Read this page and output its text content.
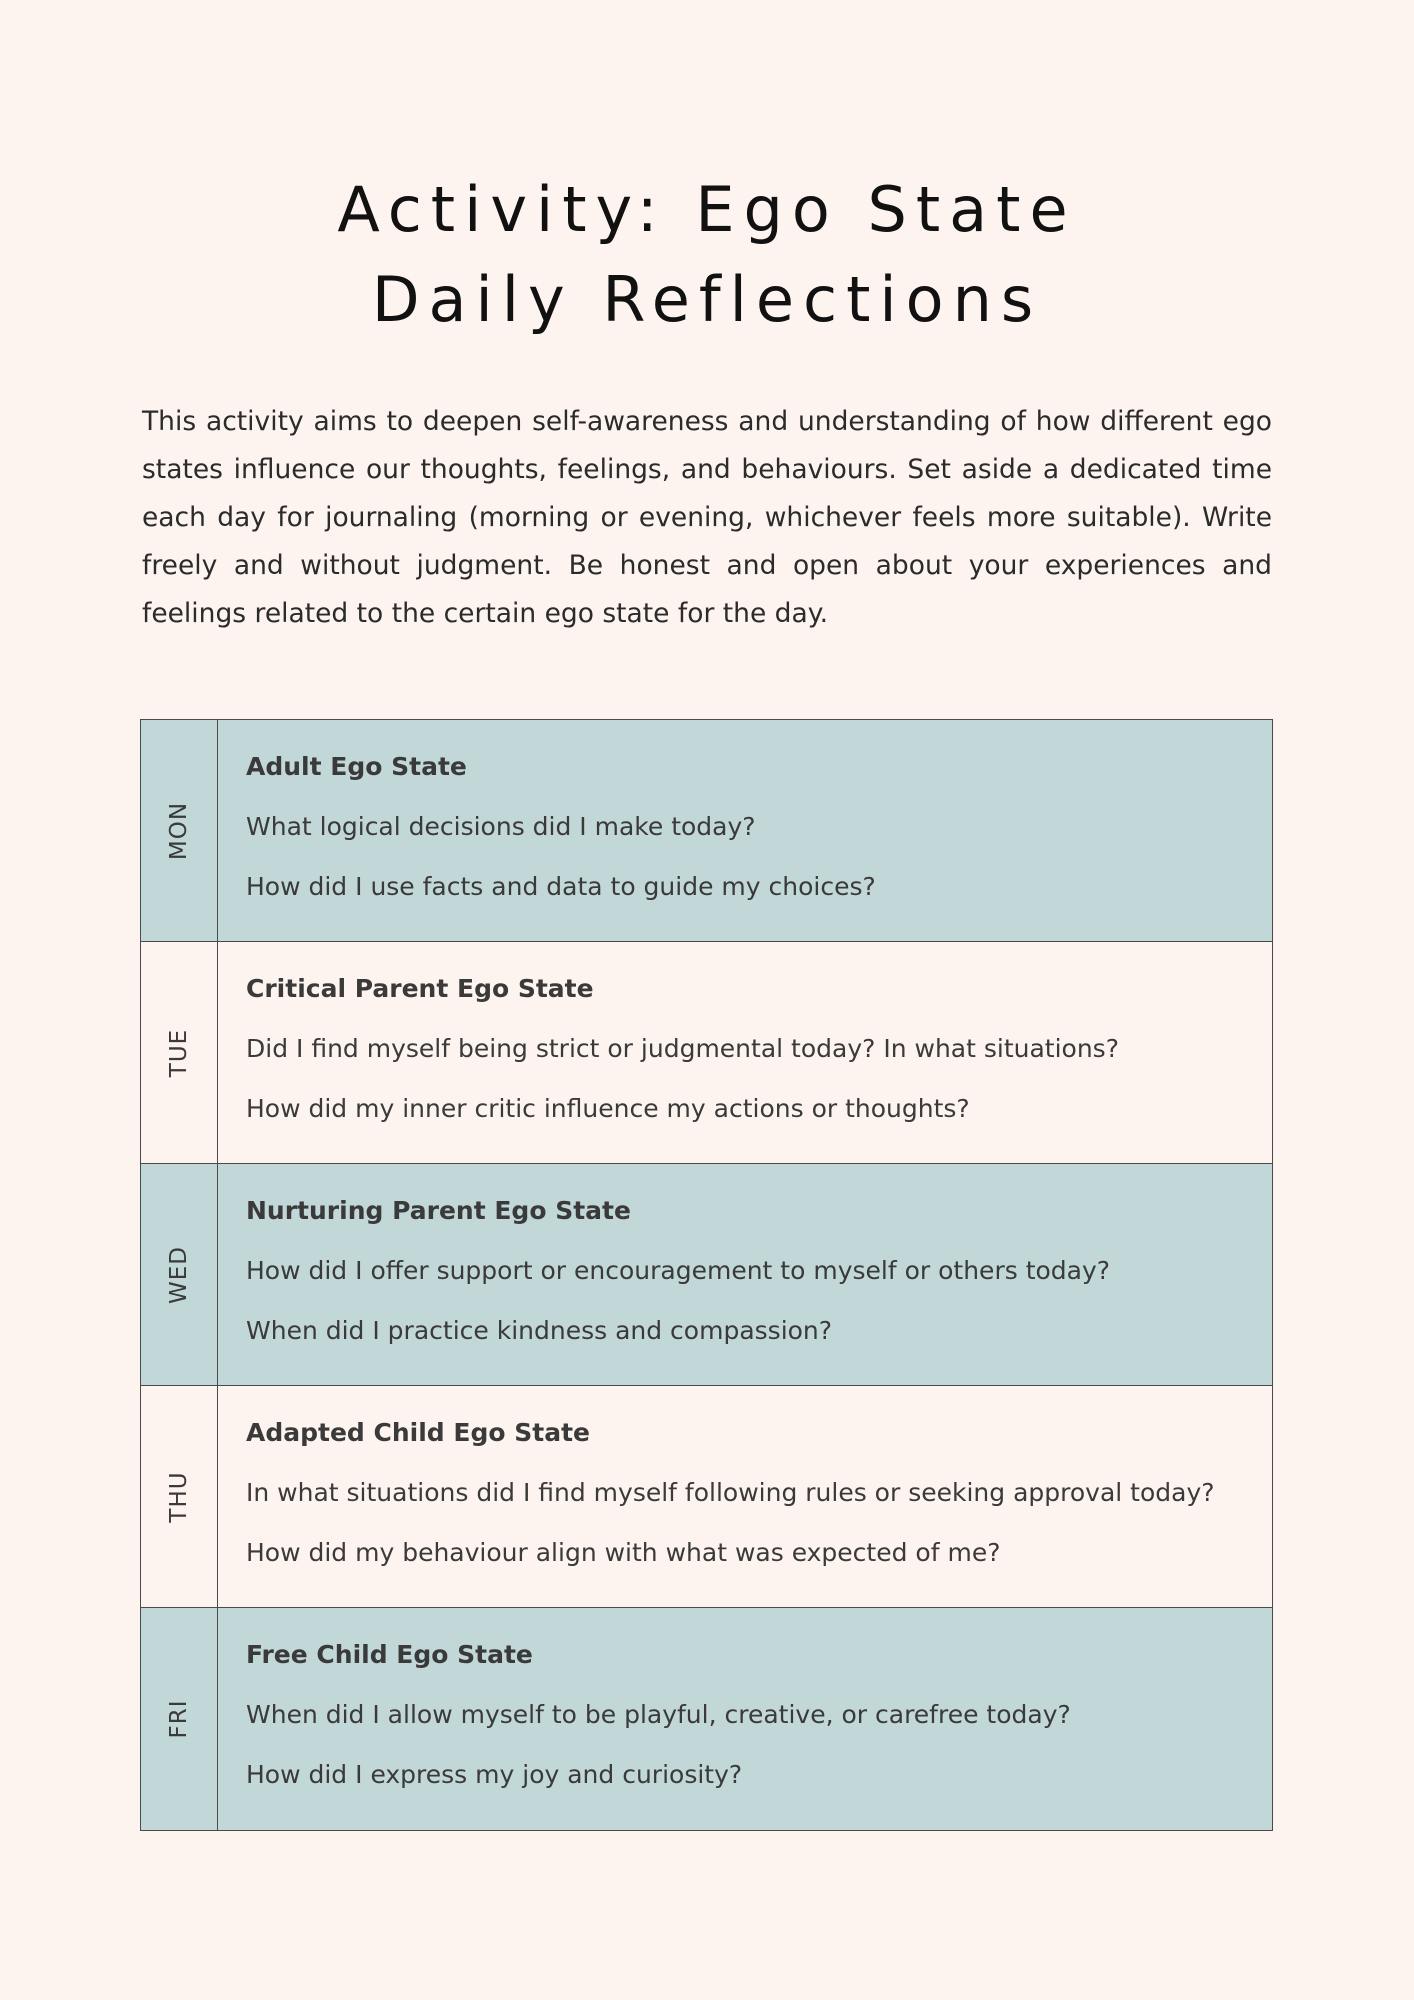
Activity: Ego State
Daily Reflections

This activity aims to deepen self-awareness and understanding of how different ego states influence our thoughts, feelings, and behaviours. Set aside a dedicated time each day for journaling (morning or evening, whichever feels more suitable). Write freely and without judgment. Be honest and open about your experiences and feelings related to the certain ego state for the day.

MON
Adult Ego State
What logical decisions did I make today?
How did I use facts and data to guide my choices?
TUE
Critical Parent Ego State
Did I find myself being strict or judgmental today? In what situations?
How did my inner critic influence my actions or thoughts?
WED
Nurturing Parent Ego State
How did I offer support or encouragement to myself or others today?
When did I practice kindness and compassion?
THU
Adapted Child Ego State
In what situations did I find myself following rules or seeking approval today?
How did my behaviour align with what was expected of me?
FRI
Free Child Ego State
When did I allow myself to be playful, creative, or carefree today?
How did I express my joy and curiosity?
